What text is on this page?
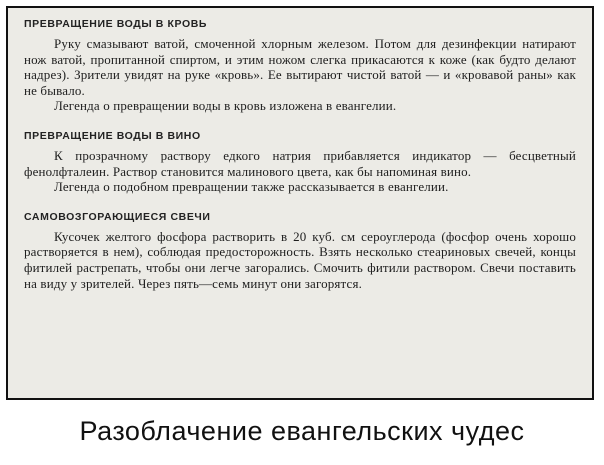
ПРЕВРАЩЕНИЕ ВОДЫ В КРОВЬ

Руку смазывают ватой, смоченной хлорным железом. Потом для дезинфекции натирают нож ватой, пропитанной спиртом, и этим ножом слегка прикасаются к коже (как будто делают надрез). Зрители увидят на руке «кровь». Ее вытирают чистой ватой — и «кровавой раны» как не бывало.

Легенда о превращении воды в кровь изложена в евангелии.

ПРЕВРАЩЕНИЕ ВОДЫ В ВИНО

К прозрачному раствору едкого натрия прибавляется индикатор — бесцветный фенолфталеин. Раствор становится малинового цвета, как бы напоминая вино.

Легенда о подобном превращении также рассказывается в евангелии.

САМОВОЗГОРАЮЩИЕСЯ СВЕЧИ

Кусочек желтого фосфора растворить в 20 куб. см сероуглерода (фосфор очень хорошо растворяется в нем), соблюдая предосторожность. Взять несколько стеариновых свечей, концы фитилей растрепать, чтобы они легче загорались. Смочить фитили раствором. Свечи поставить на виду у зрителей. Через пять—семь минут они загорятся.

Разоблачение евангельских чудес
